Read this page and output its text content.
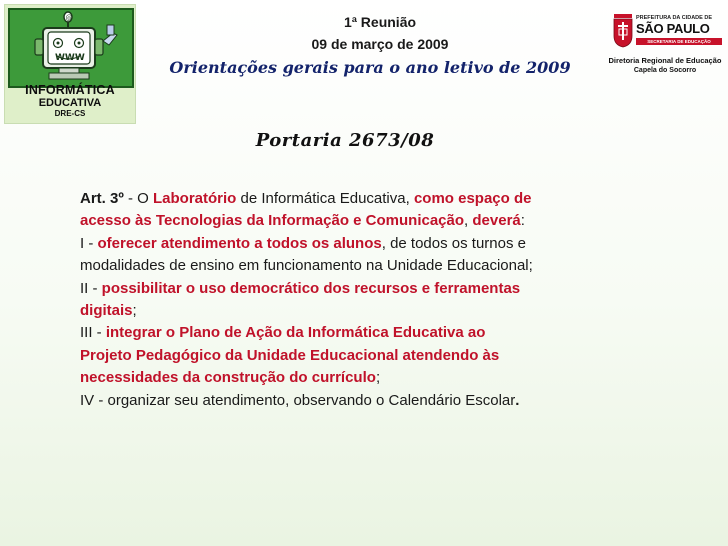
@
WWW
INFORMÁTICA
EDUCATIVA
DRE-CS
1ª Reunião
09 de março de 2009
Orientações gerais para o ano letivo de 2009
PREFEITURA DA CIDADE DE
SÃO PAULO
SECRETARIA DE EDUCAÇÃO
Diretoria Regional de Educação
Capela do Socorro
Portaria 2673/08
Art. 3º - O Laboratório de Informática Educativa, como espaço de
acesso às Tecnologias da Informação e Comunicação, deverá:
I - oferecer atendimento a todos os alunos, de todos os turnos e
modalidades de ensino em funcionamento na Unidade Educacional;
II - possibilitar o uso democrático dos recursos e ferramentas
digitais;
III - integrar o Plano de Ação da Informática Educativa ao
Projeto Pedagógico da Unidade Educacional atendendo às
necessidades da construção do currículo;
IV - organizar seu atendimento, observando o Calendário Escolar.
